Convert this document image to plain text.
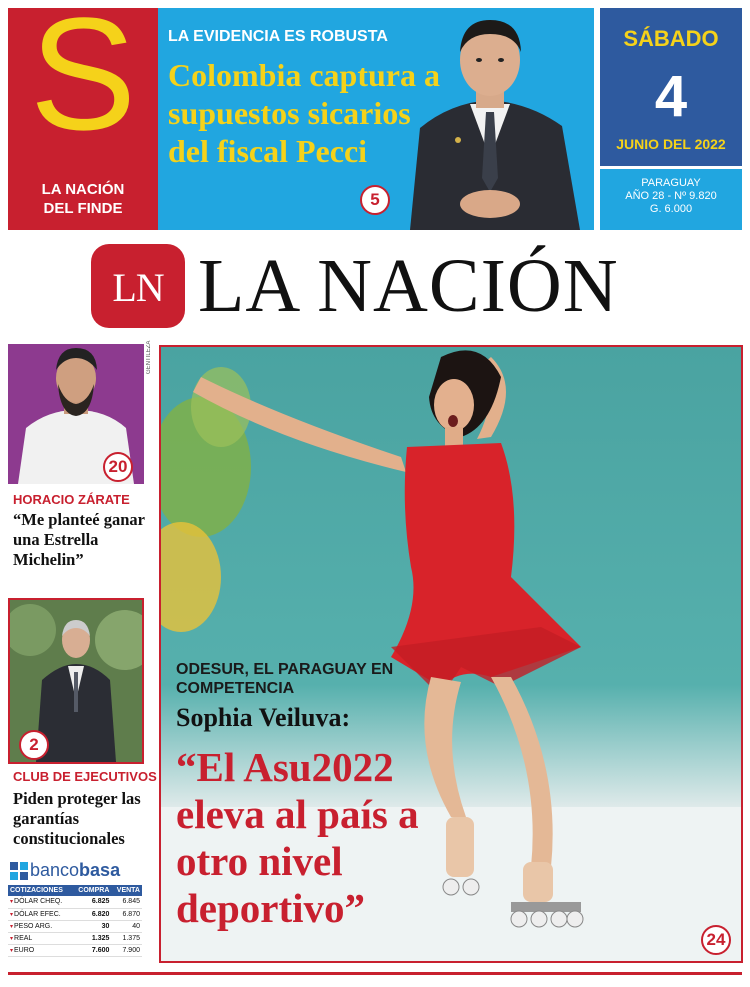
S
LA NACIÓN
DEL FINDE
LA EVIDENCIA ES ROBUSTA
Colombia captura a supuestos sicarios del fiscal Pecci
5
SÁBADO
4
JUNIO DEL 2022
PARAGUAY
AÑO 28 - Nº 9.820
G. 6.000
LN LA NACIÓN
20
GENTILEZA
HORACIO ZÁRATE
“Me planteé ganar una Estrella Michelin”
2
CLUB DE EJECUTIVOS
Piden proteger las garantías constitucionales
bancobasa
COTIZACIONES	COMPRA	VENTA
▾ DÓLAR CHEQ.	6.825	6.845
▾ DÓLAR EFEC.	6.820	6.870
▾ PESO ARG.	30	40
▾ REAL	1.325	1.375
▾ EURO	7.600	7.900
24
ODESUR, EL PARAGUAY EN COMPETENCIA
Sophia Veiluva:
“El Asu2022 eleva al país a otro nivel deportivo”
